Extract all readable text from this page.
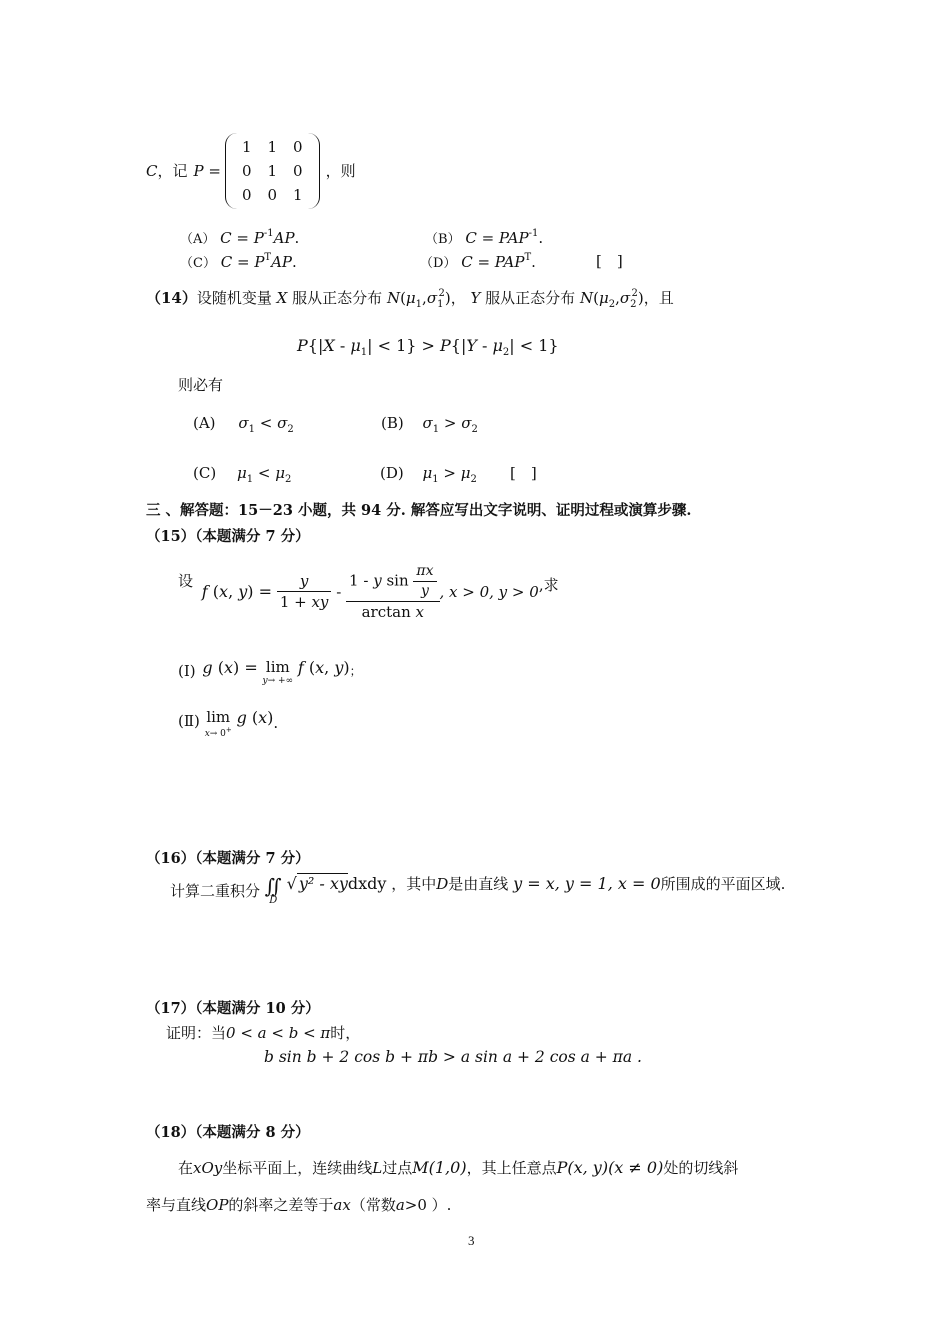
C，记 P =
1	1	0
0	1	0
0	0	1
，则
（A） $C = P^{-1}AP$.	（B） $C = PAP^{-1}$.
（C） $C = P^TAP$.	（D） $C = PAP^T$.	[　]
（14）设随机变量 X 服从正态分布 $N(\mu_1,\sigma_1^2)$， Y 服从正态分布 $N(\mu_2,\sigma_2^2)$，且
$P\{|X - \mu_1| < 1\} > P\{|Y - \mu_2| < 1\}$
则必有
(A) $\sigma_1 < \sigma_2$	(B) $\sigma_1 > \sigma_2$
(C) $\mu_1 < \mu_2$	(D) $\mu_1 > \mu_2$ [　]
三 、解答题：15－23 小题，共 94 分. 解答应写出文字说明、证明过程或演算步骤.
（15）（本题满分 7 分）
设 f (x, $y) = \frac{y}{1 + xy} - \frac{1 - y \sin \frac{\pi x}{y}}{\text{arctan x}}$ , x > 0, y > 0,求
(I) g (x) = lim
y→ +∞
f (x, y)；
(Ⅱ) lim
x→ 0+
g (x).
（16）（本题满分 7 分）
计算二重积分 ∬
D
√ y² - xydxdy ，其中D是由直线 y = x, y = 1, x = 0所围成的平面区域.
（17）（本题满分 10 分）
证明：当0 < a < b < π时，
b sin b + 2 cos b + πb > a sin a + 2 cos a + πa .
（18）（本题满分 8 分）
在xOy坐标平面上，连续曲线L过点M(1,0)，其上任意点P(x, y)(x ≠ 0)处的切线斜
率与直线OP的斜率之差等于ax（常数a>0 ）.
3
